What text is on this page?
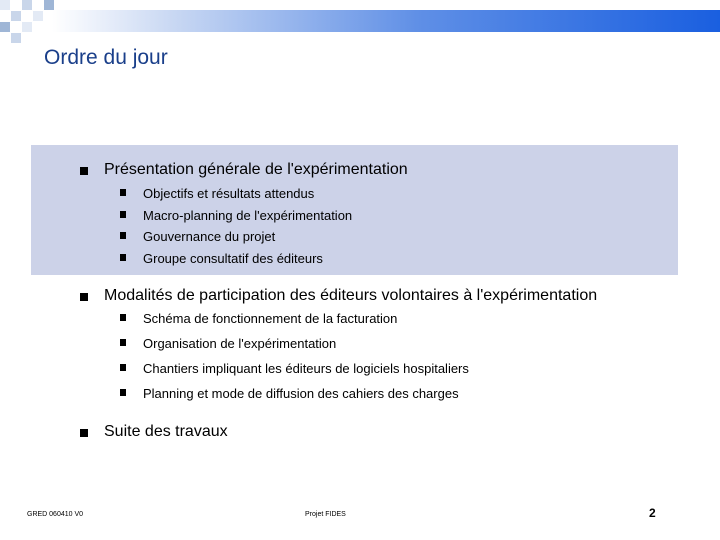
Ordre du jour
Présentation générale de l'expérimentation
Objectifs et résultats attendus
Macro-planning de l'expérimentation
Gouvernance du projet
Groupe consultatif des éditeurs
Modalités de participation des éditeurs volontaires à l'expérimentation
Schéma de fonctionnement de la facturation
Organisation de l'expérimentation
Chantiers impliquant les éditeurs de logiciels hospitaliers
Planning et mode de diffusion des cahiers des charges
Suite des travaux
GRED 060410 V0	Projet FIDES	2
